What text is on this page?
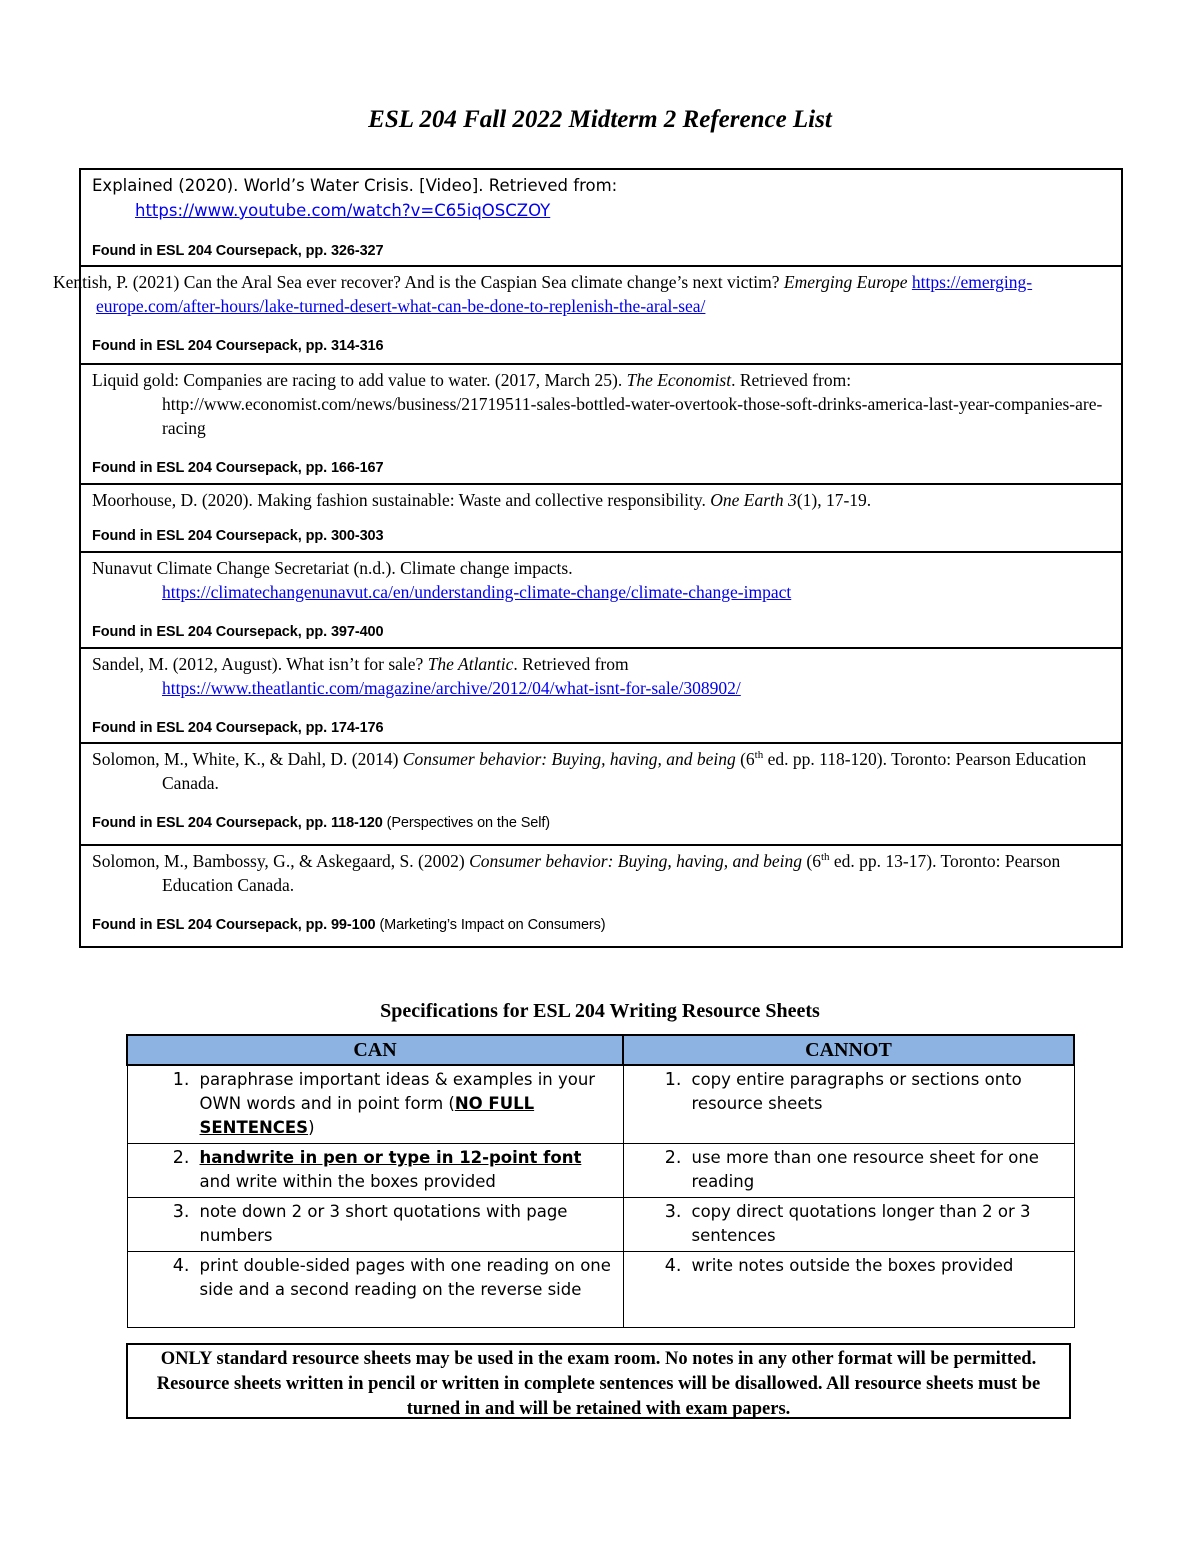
ESL 204 Fall 2022 Midterm 2 Reference List
Explained (2020). World’s Water Crisis. [Video]. Retrieved from:
https://www.youtube.com/watch?v=C65iqOSCZOY
Found in ESL 204 Coursepack, pp. 326-327

Kentish, P. (2021) Can the Aral Sea ever recover? And is the Caspian Sea climate change’s next victim? Emerging Europe https://emerging-europe.com/after-hours/lake-turned-desert-what-can-be-done-to-replenish-the-aral-sea/
Found in ESL 204 Coursepack, pp. 314-316

Liquid gold: Companies are racing to add value to water. (2017, March 25). The Economist. Retrieved from: http://www.economist.com/news/business/21719511-sales-bottled-water-overtook-those-soft-drinks-america-last-year-companies-are-racing
Found in ESL 204 Coursepack, pp. 166-167

Moorhouse, D. (2020). Making fashion sustainable: Waste and collective responsibility. One Earth 3(1), 17-19.
Found in ESL 204 Coursepack, pp. 300-303

Nunavut Climate Change Secretariat (n.d.). Climate change impacts.
https://climatechangenunavut.ca/en/understanding-climate-change/climate-change-impact
Found in ESL 204 Coursepack, pp. 397-400

Sandel, M. (2012, August). What isn’t for sale? The Atlantic. Retrieved from
https://www.theatlantic.com/magazine/archive/2012/04/what-isnt-for-sale/308902/
Found in ESL 204 Coursepack, pp. 174-176

Solomon, M., White, K., & Dahl, D. (2014) Consumer behavior: Buying, having, and being (6th ed. pp. 118-120). Toronto: Pearson Education Canada.
Found in ESL 204 Coursepack, pp. 118-120 (Perspectives on the Self)

Solomon, M., Bambossy, G., & Askegaard, S. (2002) Consumer behavior: Buying, having, and being (6th ed. pp. 13-17). Toronto: Pearson Education Canada.
Found in ESL 204 Coursepack, pp. 99-100 (Marketing’s Impact on Consumers)
Specifications for ESL 204 Writing Resource Sheets
CAN	CANNOT

1. paraphrase important ideas & examples in your OWN words and in point form (NO FULL SENTENCES)	1. copy entire paragraphs or sections onto resource sheets

2. handwrite in pen or type in 12-point font and write within the boxes provided	2. use more than one resource sheet for one reading

3. note down 2 or 3 short quotations with page numbers	3. copy direct quotations longer than 2 or 3 sentences

4. print double-sided pages with one reading on one side and a second reading on the reverse side	4. write notes outside the boxes provided
ONLY standard resource sheets may be used in the exam room. No notes in any other format will be permitted. Resource sheets written in pencil or written in complete sentences will be disallowed. All resource sheets must be turned in and will be retained with exam papers.
